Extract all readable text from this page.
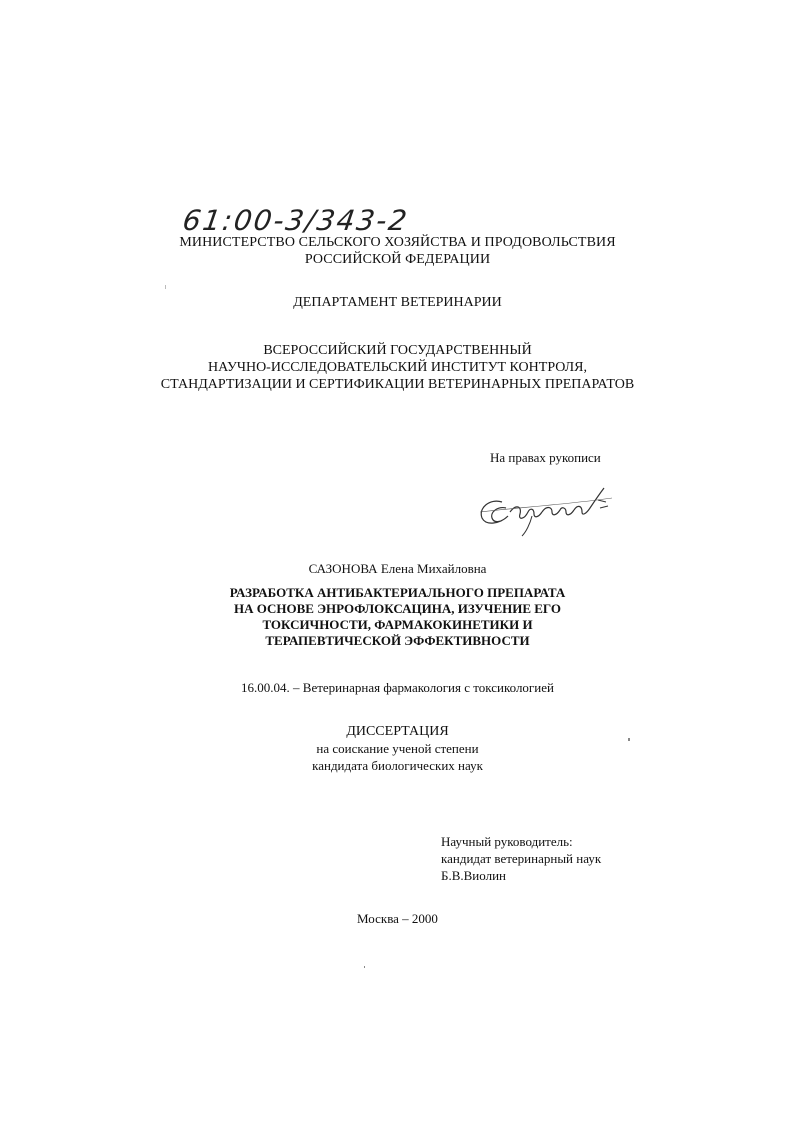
61:00-3/343-2
МИНИСТЕРСТВО СЕЛЬСКОГО ХОЗЯЙСТВА И ПРОДОВОЛЬСТВИЯ
РОССИЙСКОЙ ФЕДЕРАЦИИ
ДЕПАРТАМЕНТ ВЕТЕРИНАРИИ
ВСЕРОССИЙСКИЙ ГОСУДАРСТВЕННЫЙ
НАУЧНО-ИССЛЕДОВАТЕЛЬСКИЙ ИНСТИТУТ КОНТРОЛЯ,
СТАНДАРТИЗАЦИИ И СЕРТИФИКАЦИИ ВЕТЕРИНАРНЫХ ПРЕПАРАТОВ
На правах рукописи
САЗОНОВА Елена Михайловна
РАЗРАБОТКА АНТИБАКТЕРИАЛЬНОГО ПРЕПАРАТА
НА ОСНОВЕ ЭНРОФЛОКСАЦИНА, ИЗУЧЕНИЕ ЕГО
ТОКСИЧНОСТИ, ФАРМАКОКИНЕТИКИ И
ТЕРАПЕВТИЧЕСКОЙ ЭФФЕКТИВНОСТИ
16.00.04. – Ветеринарная фармакология с токсикологией
ДИССЕРТАЦИЯ
на соискание ученой степени
кандидата биологических наук
Научный руководитель:
кандидат ветеринарный наук
Б.В.Виолин
Москва – 2000
